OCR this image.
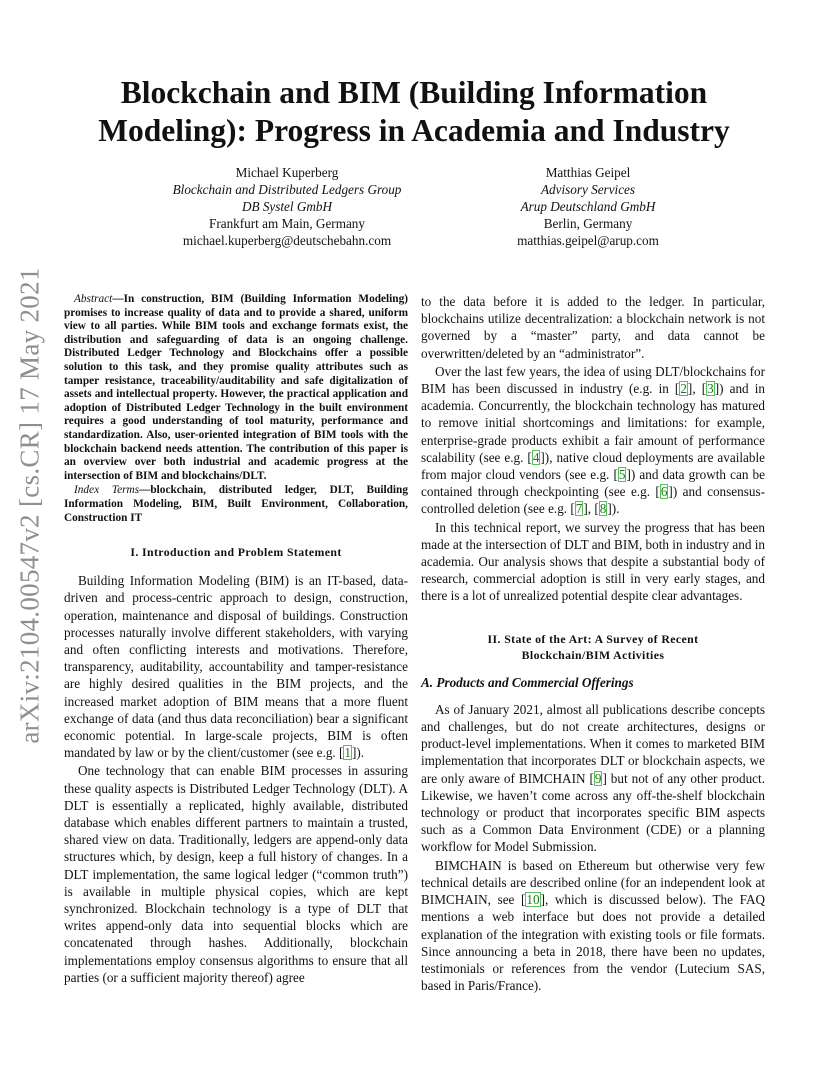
arXiv:2104.00547v2 [cs.CR] 17 May 2021
Blockchain and BIM (Building Information
Modeling): Progress in Academia and Industry
Michael Kuperberg
Blockchain and Distributed Ledgers Group
DB Systel GmbH
Frankfurt am Main, Germany
michael.kuperberg@deutschebahn.com
Matthias Geipel
Advisory Services
Arup Deutschland GmbH
Berlin, Germany
matthias.geipel@arup.com

Abstract—In construction, BIM (Building Information Modeling) promises to increase quality of data and to provide a shared, uniform view to all parties. While BIM tools and exchange formats exist, the distribution and safeguarding of data is an ongoing challenge. Distributed Ledger Technology and Blockchains offer a possible solution to this task, and they promise quality attributes such as tamper resistance, traceability/auditability and safe digitalization of assets and intellectual property. However, the practical application and adoption of Distributed Ledger Technology in the built environment requires a good understanding of tool maturity, performance and standardization. Also, user-oriented integration of BIM tools with the blockchain backend needs attention. The contribution of this paper is an overview over both industrial and academic progress at the intersection of BIM and blockchains/DLT.

Index Terms—blockchain, distributed ledger, DLT, Building Information Modeling, BIM, Built Environment, Collaboration, Construction IT

I. Introduction and Problem Statement

Building Information Modeling (BIM) is an IT-based, data-driven and process-centric approach to design, construction, operation, maintenance and disposal of buildings. Construction processes naturally involve different stakeholders, with varying and often conflicting interests and motivations. Therefore, transparency, auditability, accountability and tamper-resistance are highly desired qualities in the BIM projects, and the increased market adoption of BIM means that a more fluent exchange of data (and thus data reconciliation) bear a significant economic potential. In large-scale projects, BIM is often mandated by law or by the client/customer (see e.g. [1]).

One technology that can enable BIM processes in assuring these quality aspects is Distributed Ledger Technology (DLT). A DLT is essentially a replicated, highly available, distributed database which enables different partners to maintain a trusted, shared view on data. Traditionally, ledgers are append-only data structures which, by design, keep a full history of changes. In a DLT implementation, the same logical ledger (“common truth”) is available in multiple physical copies, which are kept synchronized. Blockchain technology is a type of DLT that writes append-only data into sequential blocks which are concatenated through hashes. Additionally, blockchain implementations employ consensus algorithms to ensure that all parties (or a sufficient majority thereof) agree

to the data before it is added to the ledger. In particular, blockchains utilize decentralization: a blockchain network is not governed by a “master” party, and data cannot be overwritten/deleted by an “administrator”.

Over the last few years, the idea of using DLT/blockchains for BIM has been discussed in industry (e.g. in [2], [3]) and in academia. Concurrently, the blockchain technology has matured to remove initial shortcomings and limitations: for example, enterprise-grade products exhibit a fair amount of performance scalability (see e.g. [4]), native cloud deployments are available from major cloud vendors (see e.g. [5]) and data growth can be contained through checkpointing (see e.g. [6]) and consensus-controlled deletion (see e.g. [7], [8]).

In this technical report, we survey the progress that has been made at the intersection of DLT and BIM, both in industry and in academia. Our analysis shows that despite a substantial body of research, commercial adoption is still in very early stages, and there is a lot of unrealized potential despite clear advantages.

II. State of the Art: A Survey of Recent
Blockchain/BIM Activities
A. Products and Commercial Offerings

As of January 2021, almost all publications describe concepts and challenges, but do not create architectures, designs or product-level implementations. When it comes to marketed BIM implementation that incorporates DLT or blockchain aspects, we are only aware of BIMCHAIN [9] but not of any other product. Likewise, we haven’t come across any off-the-shelf blockchain technology or product that incorporates specific BIM aspects such as a Common Data Environment (CDE) or a planning workflow for Model Submission.

BIMCHAIN is based on Ethereum but otherwise very few technical details are described online (for an independent look at BIMCHAIN, see [10], which is discussed below). The FAQ mentions a web interface but does not provide a detailed explanation of the integration with existing tools or file formats. Since announcing a beta in 2018, there have been no updates, testimonials or references from the vendor (Lutecium SAS, based in Paris/France).
